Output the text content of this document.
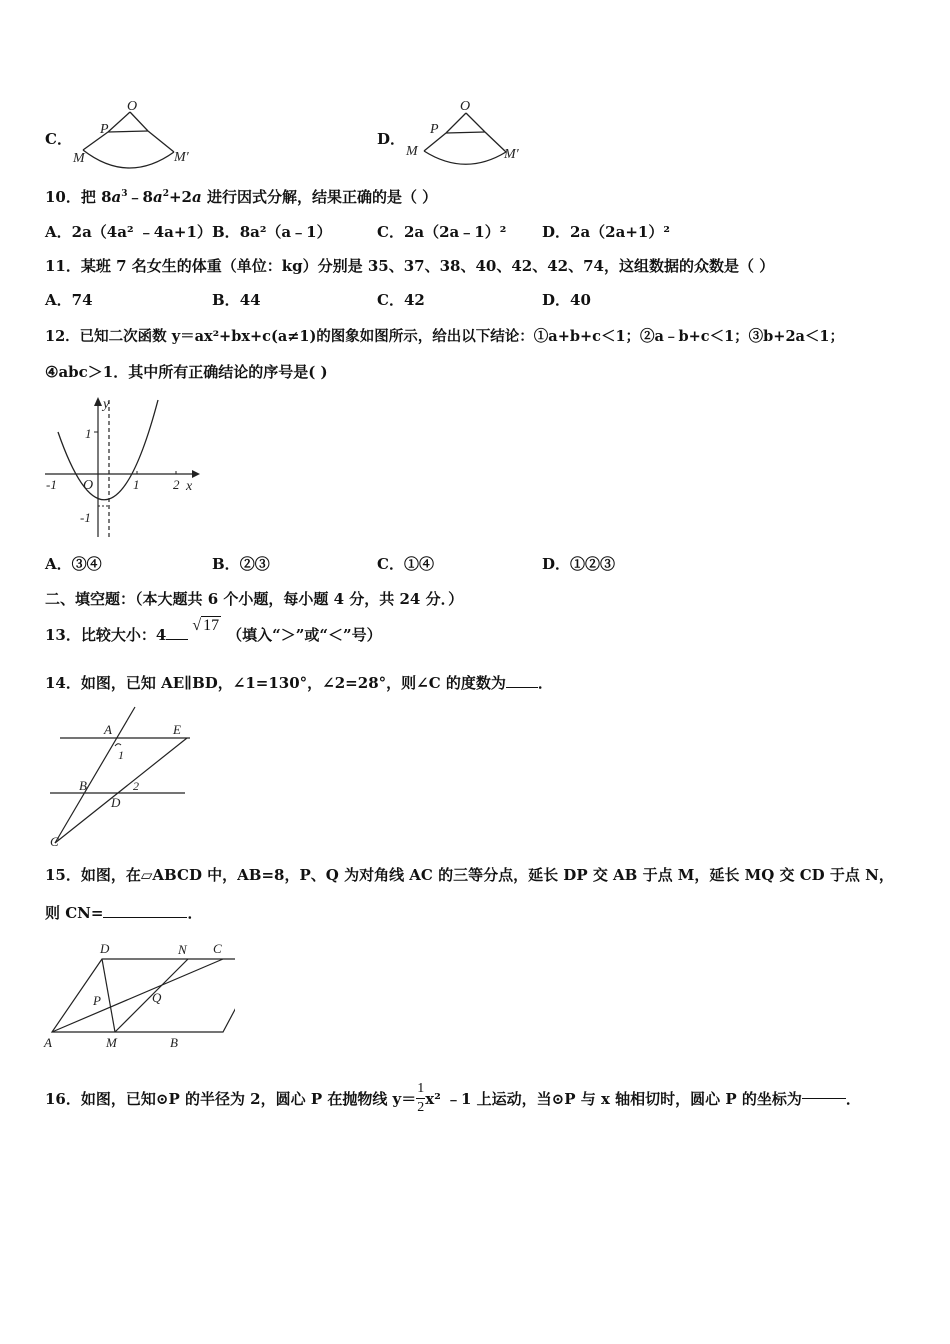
C．
O
P
M	M′
D．
O
P
M	M′
10．把 $8a^3﹣8a^2+2a$ 进行因式分解，结果正确的是（ ）
A．2a（4a² ﹣4a+1） B．8a²（a﹣1）	C．2a（2a﹣1）² D．2a（2a+1）²
11．某班 7 名女生的体重（单位：kg）分别是 35、37、38、40、42、42、74，这组数据的众数是（ ）
A．74	B．44	C．42	D．40
12．已知二次函数 y＝ax²+bx+c(a≠1)的图象如图所示，给出以下结论：①a+b+c＜1；②a﹣b+c＜1；③b+2a＜1；
④abc＞1．其中所有正确结论的序号是( )
y
x
1
-1
-1 O	1	2
A．③④	B．②③	C．①④	D．①②③
二、填空题：（本大题共 6 个小题，每小题 4 分，共 24 分．）
13．比较大小：4√ 17（填入“＞”或“＜”号）
14．如图，已知 AE∥BD，∠1=130°，∠2=28°，则∠C 的度数为 ．
A	E
1
B	2
D
C
15．如图，在▱ABCD 中，AB=8，P、Q 为对角线 AC 的三等分点，延长 DP 交 AB 于点 M，延长 MQ 交 CD 于点 N，
则 CN=	．
D	N C
P	Q
A	M	B
16．如图，已知⊙P 的半径为 2，圆心 P 在抛物线 $y= \frac{1}{2} x^2$ ﹣1 上运动，当⊙P 与 x 轴相切时，圆心 P 的坐标为	．
